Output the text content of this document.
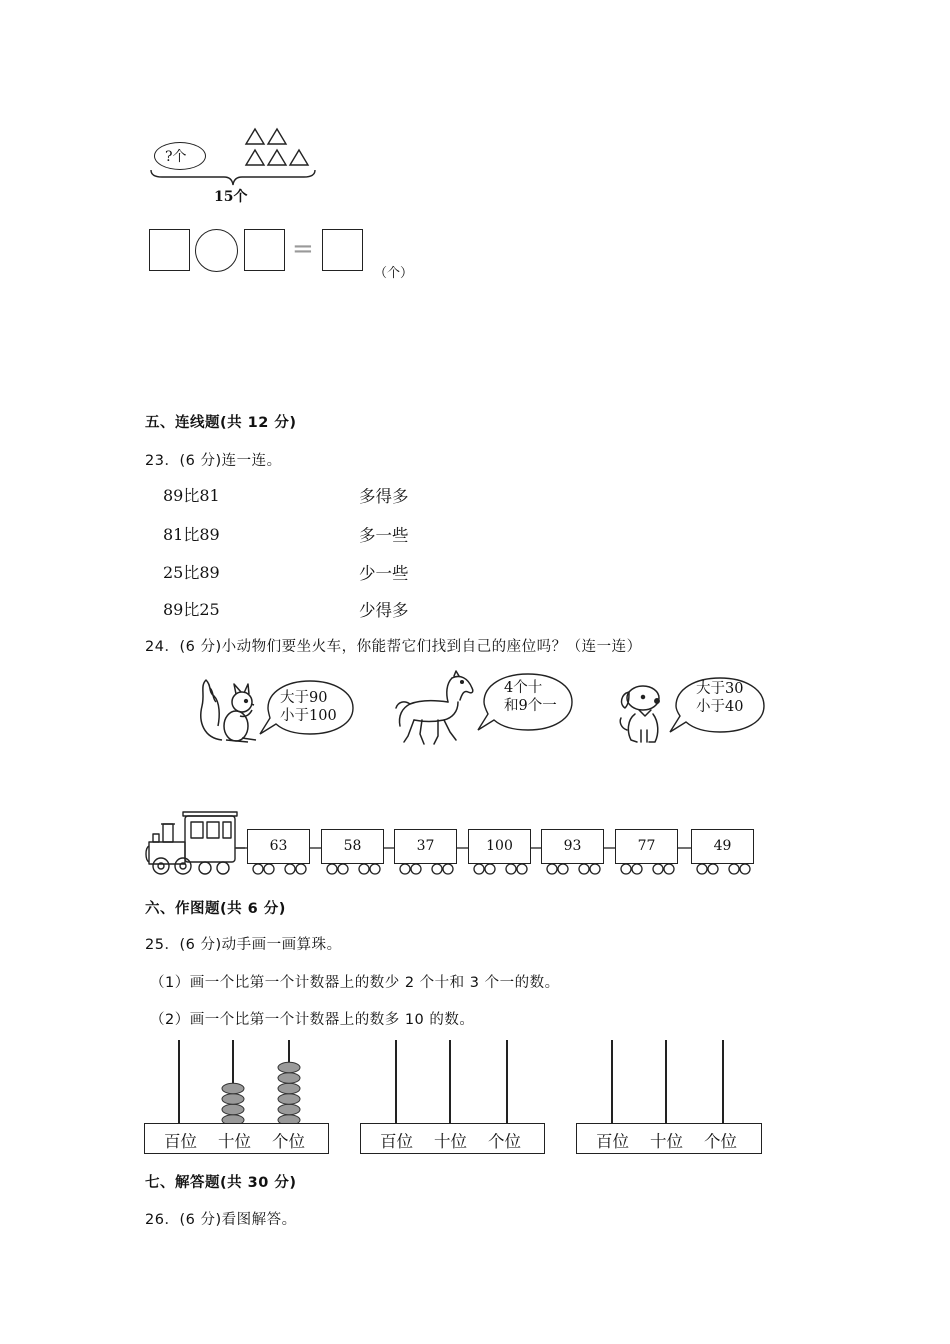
?个
15个
=
（个）
五、连线题(共 12 分)
23．(6 分)连一连。
89比81
81比89
25比89
89比25
多得多
多一些
少一些
少得多
24．(6 分)小动物们要坐火车，你能帮它们找到自己的座位吗？（连一连）
大于90
小于100
4个十
和9个一
大于30
小于40
63	58	37	100	93	77	49
六、作图题(共 6 分)
25．(6 分)动手画一画算珠。
（1）画一个比第一个计数器上的数少 2 个十和 3 个一的数。
（2）画一个比第一个计数器上的数多 10 的数。
百位 十位 个位	百位 十位 个位	百位 十位 个位
七、解答题(共 30 分)
26．(6 分)看图解答。
